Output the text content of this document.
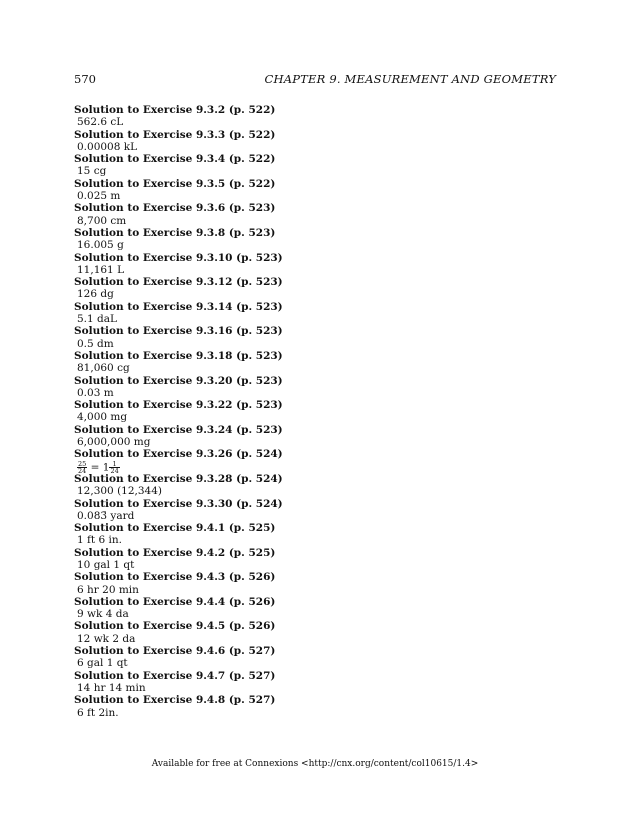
570	CHAPTER 9. MEASUREMENT AND GEOMETRY
Solution to Exercise 9.3.2 (p. 522)
562.6 cL
Solution to Exercise 9.3.3 (p. 522)
0.00008 kL
Solution to Exercise 9.3.4 (p. 522)
15 cg
Solution to Exercise 9.3.5 (p. 522)
0.025 m
Solution to Exercise 9.3.6 (p. 523)
8,700 cm
Solution to Exercise 9.3.8 (p. 523)
16.005 g
Solution to Exercise 9.3.10 (p. 523)
11,161 L
Solution to Exercise 9.3.12 (p. 523)
126 dg
Solution to Exercise 9.3.14 (p. 523)
5.1 daL
Solution to Exercise 9.3.16 (p. 523)
0.5 dm
Solution to Exercise 9.3.18 (p. 523)
81,060 cg
Solution to Exercise 9.3.20 (p. 523)
0.03 m
Solution to Exercise 9.3.22 (p. 523)
4,000 mg
Solution to Exercise 9.3.24 (p. 523)
6,000,000 mg
Solution to Exercise 9.3.26 (p. 524)
$\frac{25}{24} = 1 \frac{1}{24}$
Solution to Exercise 9.3.28 (p. 524)
12,300 (12,344)
Solution to Exercise 9.3.30 (p. 524)
0.083̄ yard
Solution to Exercise 9.4.1 (p. 525)
1 ft 6 in.
Solution to Exercise 9.4.2 (p. 525)
10 gal 1 qt
Solution to Exercise 9.4.3 (p. 526)
6 hr 20 min
Solution to Exercise 9.4.4 (p. 526)
9 wk 4 da
Solution to Exercise 9.4.5 (p. 526)
12 wk 2 da
Solution to Exercise 9.4.6 (p. 527)
6 gal 1 qt
Solution to Exercise 9.4.7 (p. 527)
14 hr 14 min
Solution to Exercise 9.4.8 (p. 527)
6 ft 2in.
Available for free at Connexions <http://cnx.org/content/col10615/1.4>
